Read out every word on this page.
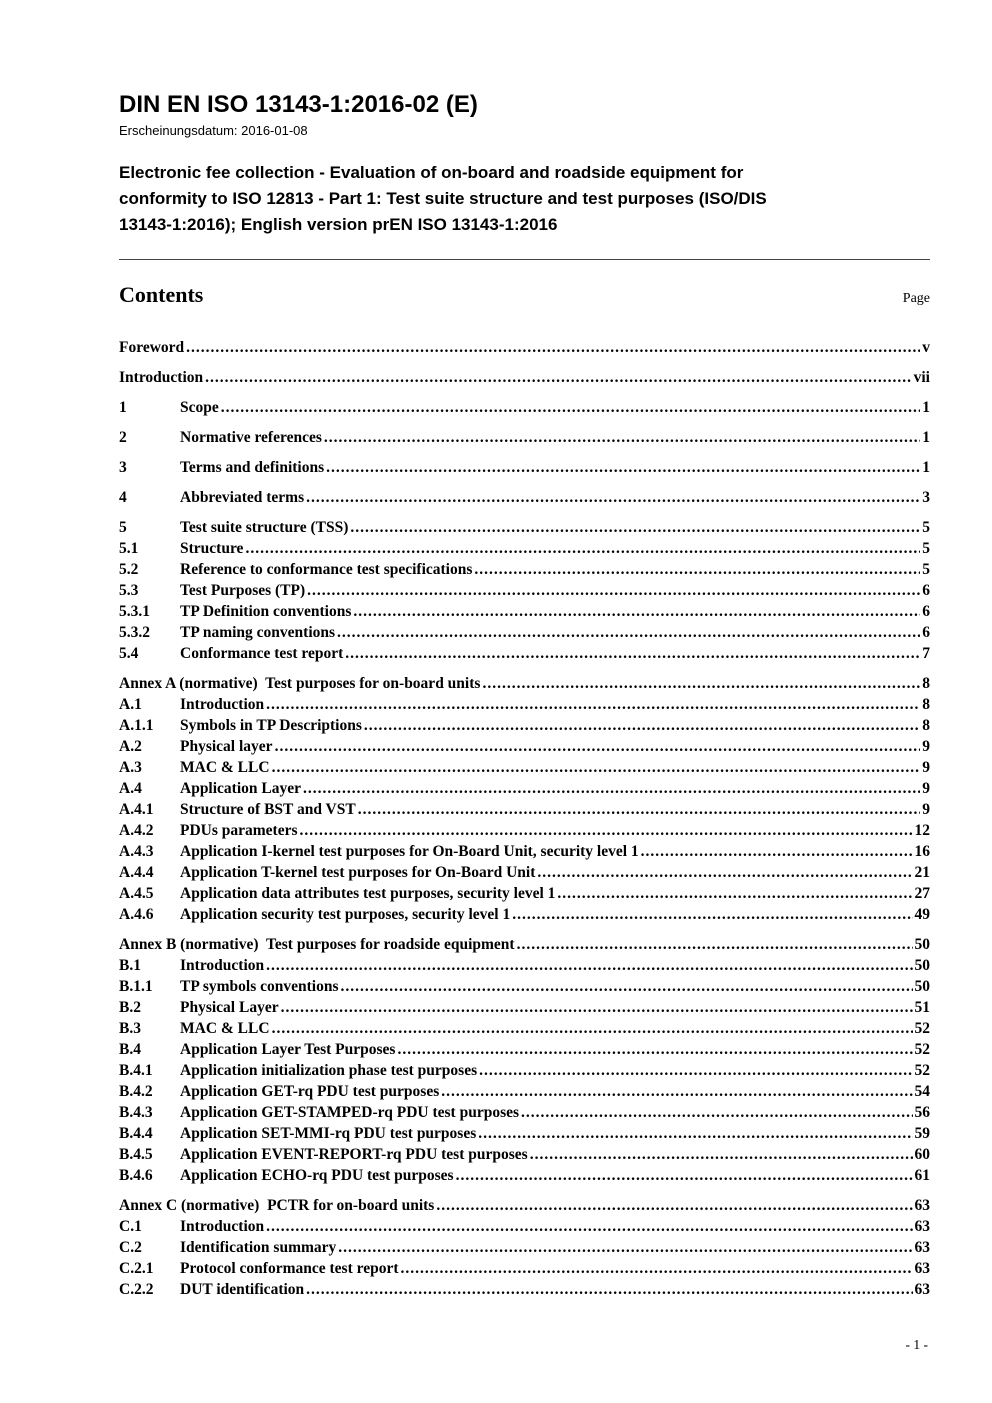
DIN EN ISO 13143-1:2016-02 (E)
Erscheinungsdatum: 2016-01-08
Electronic fee collection - Evaluation of on-board and roadside equipment for
conformity to ISO 12813 - Part 1: Test suite structure and test purposes (ISO/DIS
13143-1:2016); English version prEN ISO 13143-1:2016
Contents	Page
Foreword .....	v
Introduction .....	vii
1	Scope .....	1
2	Normative references .....	1
3	Terms and definitions .....	1
4	Abbreviated terms .....	3
5	Test suite structure (TSS) .....	5
5.1	Structure .....	5
5.2	Reference to conformance test specifications .....	5
5.3	Test Purposes (TP) .....	6
5.3.1	TP Definition conventions .....	6
5.3.2	TP naming conventions .....	6
5.4	Conformance test report .....	7
Annex A (normative)  Test purposes for on-board units .....	8
A.1	Introduction .....	8
A.1.1	Symbols in TP Descriptions .....	8
A.2	Physical layer .....	9
A.3	MAC & LLC .....	9
A.4	Application Layer .....	9
A.4.1	Structure of BST and VST .....	9
A.4.2	PDUs parameters .....	12
A.4.3	Application I-kernel test purposes for On-Board Unit, security level 1 .....	16
A.4.4	Application T-kernel test purposes for On-Board Unit .....	21
A.4.5	Application data attributes test purposes, security level 1 .....	27
A.4.6	Application security test purposes, security level 1 .....	49
Annex B (normative)  Test purposes for roadside equipment .....	50
B.1	Introduction .....	50
B.1.1	TP symbols conventions .....	50
B.2	Physical Layer .....	51
B.3	MAC & LLC .....	52
B.4	Application Layer Test Purposes .....	52
B.4.1	Application initialization phase test purposes .....	52
B.4.2	Application GET-rq PDU test purposes .....	54
B.4.3	Application GET-STAMPED-rq PDU test purposes .....	56
B.4.4	Application SET-MMI-rq PDU test purposes .....	59
B.4.5	Application EVENT-REPORT-rq PDU test purposes .....	60
B.4.6	Application ECHO-rq PDU test purposes .....	61
Annex C (normative)  PCTR for on-board units .....	63
C.1	Introduction .....	63
C.2	Identification summary .....	63
C.2.1	Protocol conformance test report .....	63
C.2.2	DUT identification .....	63
- 1 -
